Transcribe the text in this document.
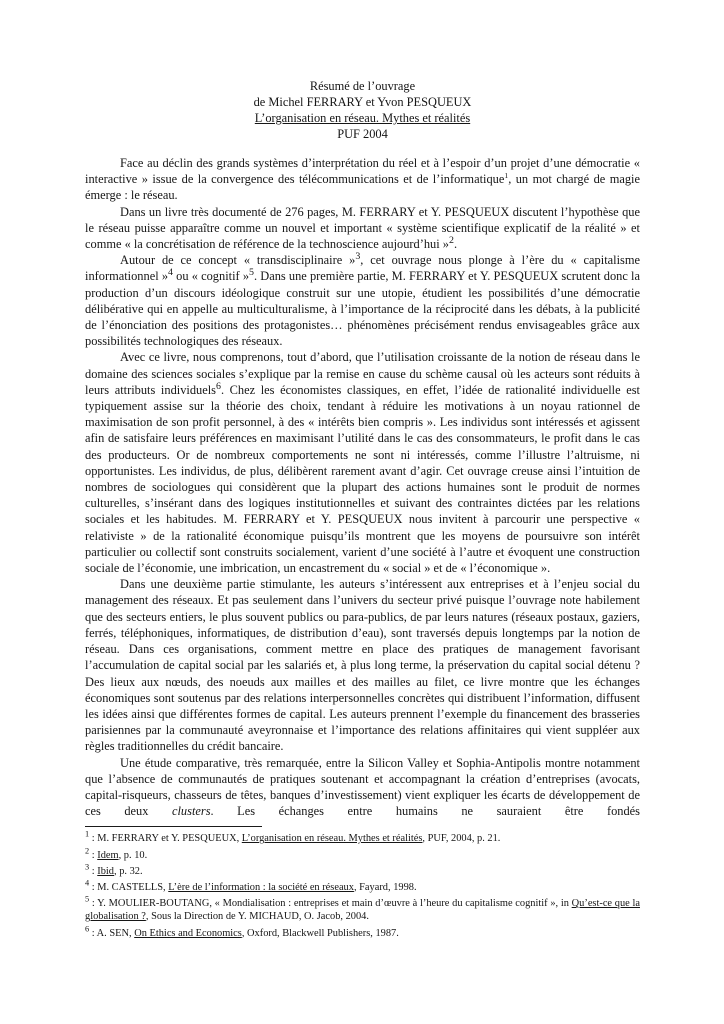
Résumé de l’ouvrage
de Michel FERRARY et Yvon PESQUEUX
L’organisation en réseau. Mythes et réalités
PUF 2004

Face au déclin des grands systèmes d’interprétation du réel et à l’espoir d’un projet d’une démocratie « interactive » issue de la convergence des télécommunications et de l’informatique$^1$, un mot chargé de magie émerge : le réseau.

Dans un livre très documenté de 276 pages, M. FERRARY et Y. PESQUEUX discutent l’hypothèse que le réseau puisse apparaître comme un nouvel et important « système scientifique explicatif de la réalité » et comme « la concrétisation de référence de la technoscience aujourd’hui »$^2$.

Autour de ce concept « transdisciplinaire »$^3$, cet ouvrage nous plonge à l’ère du « capitalisme informationnel »$^4$ ou « cognitif »$^5$. Dans une première partie, M. FERRARY et Y. PESQUEUX scrutent donc la production d’un discours idéologique construit sur une utopie, étudient les possibilités d’une démocratie délibérative qui en appelle au multiculturalisme, à l’importance de la réciprocité dans les débats, à la publicité de l’énonciation des positions des protagonistes… phénomènes précisément rendus envisageables grâce aux possibilités technologiques des réseaux.

Avec ce livre, nous comprenons, tout d’abord, que l’utilisation croissante de la notion de réseau dans le domaine des sciences sociales s’explique par la remise en cause du schème causal où les acteurs sont réduits à leurs attributs individuels$^6$. Chez les économistes classiques, en effet, l’idée de rationalité individuelle est typiquement assise sur la théorie des choix, tendant à réduire les motivations à un noyau rationnel de maximisation de son profit personnel, à des « intérêts bien compris ». Les individus sont intéressés et agissent afin de satisfaire leurs préférences en maximisant l’utilité dans le cas des consommateurs, le profit dans le cas des producteurs. Or de nombreux comportements ne sont ni intéressés, comme l’illustre l’altruisme, ni opportunistes. Les individus, de plus, délibèrent rarement avant d’agir. Cet ouvrage creuse ainsi l’intuition de nombres de sociologues qui considèrent que la plupart des actions humaines sont le produit de normes culturelles, s’insérant dans des logiques institutionnelles et suivant des contraintes dictées par les relations sociales et les habitudes. M. FERRARY et Y. PESQUEUX nous invitent à parcourir une perspective « relativiste » de la rationalité économique puisqu’ils montrent que les moyens de poursuivre son intérêt particulier ou collectif sont construits socialement, varient d’une société à l’autre et évoquent une construction sociale de l’économie, une imbrication, un encastrement du « social » et de « l’économique ».

Dans une deuxième partie stimulante, les auteurs s’intéressent aux entreprises et à l’enjeu social du management des réseaux. Et pas seulement dans l’univers du secteur privé puisque l’ouvrage note habilement que des secteurs entiers, le plus souvent publics ou para-publics, de par leurs natures (réseaux postaux, gaziers, ferrés, téléphoniques, informatiques, de distribution d’eau), sont traversés depuis longtemps par la notion de réseau. Dans ces organisations, comment mettre en place des pratiques de management favorisant l’accumulation de capital social par les salariés et, à plus long terme, la préservation du capital social détenu ? Des lieux aux nœuds, des noeuds aux mailles et des mailles au filet, ce livre montre que les échanges économiques sont soutenus par des relations interpersonnelles concrètes qui distribuent l’information, diffusent les idées ainsi que différentes formes de capital. Les auteurs prennent l’exemple du financement des brasseries parisiennes par la communauté aveyronnaise et l’importance des relations affinitaires qui vient suppléer aux règles traditionnelles du crédit bancaire.

Une étude comparative, très remarquée, entre la Silicon Valley et Sophia-Antipolis montre notamment que l’absence de communautés de pratiques soutenant et accompagnant la création d’entreprises (avocats, capital-risqueurs, chasseurs de têtes, banques d’investissement) vient expliquer les écarts de développement de ces deux clusters. Les échanges entre humains ne sauraient être fondés

$^1$ : M. FERRARY et Y. PESQUEUX, L’organisation en réseau. Mythes et réalités, PUF, 2004, p. 21.

$^2$ : Idem, p. 10.

$^3$ : Ibid, p. 32.

$^4$ : M. CASTELLS, L’ère de l’information : la société en réseaux, Fayard, 1998.

$^5$ : Y. MOULIER-BOUTANG, « Mondialisation : entreprises et main d’œuvre à l’heure du capitalisme cognitif », in Qu’est-ce que la globalisation ?, Sous la Direction de Y. MICHAUD, O. Jacob, 2004.

$^6$ : A. SEN, On Ethics and Economics, Oxford, Blackwell Publishers, 1987.
